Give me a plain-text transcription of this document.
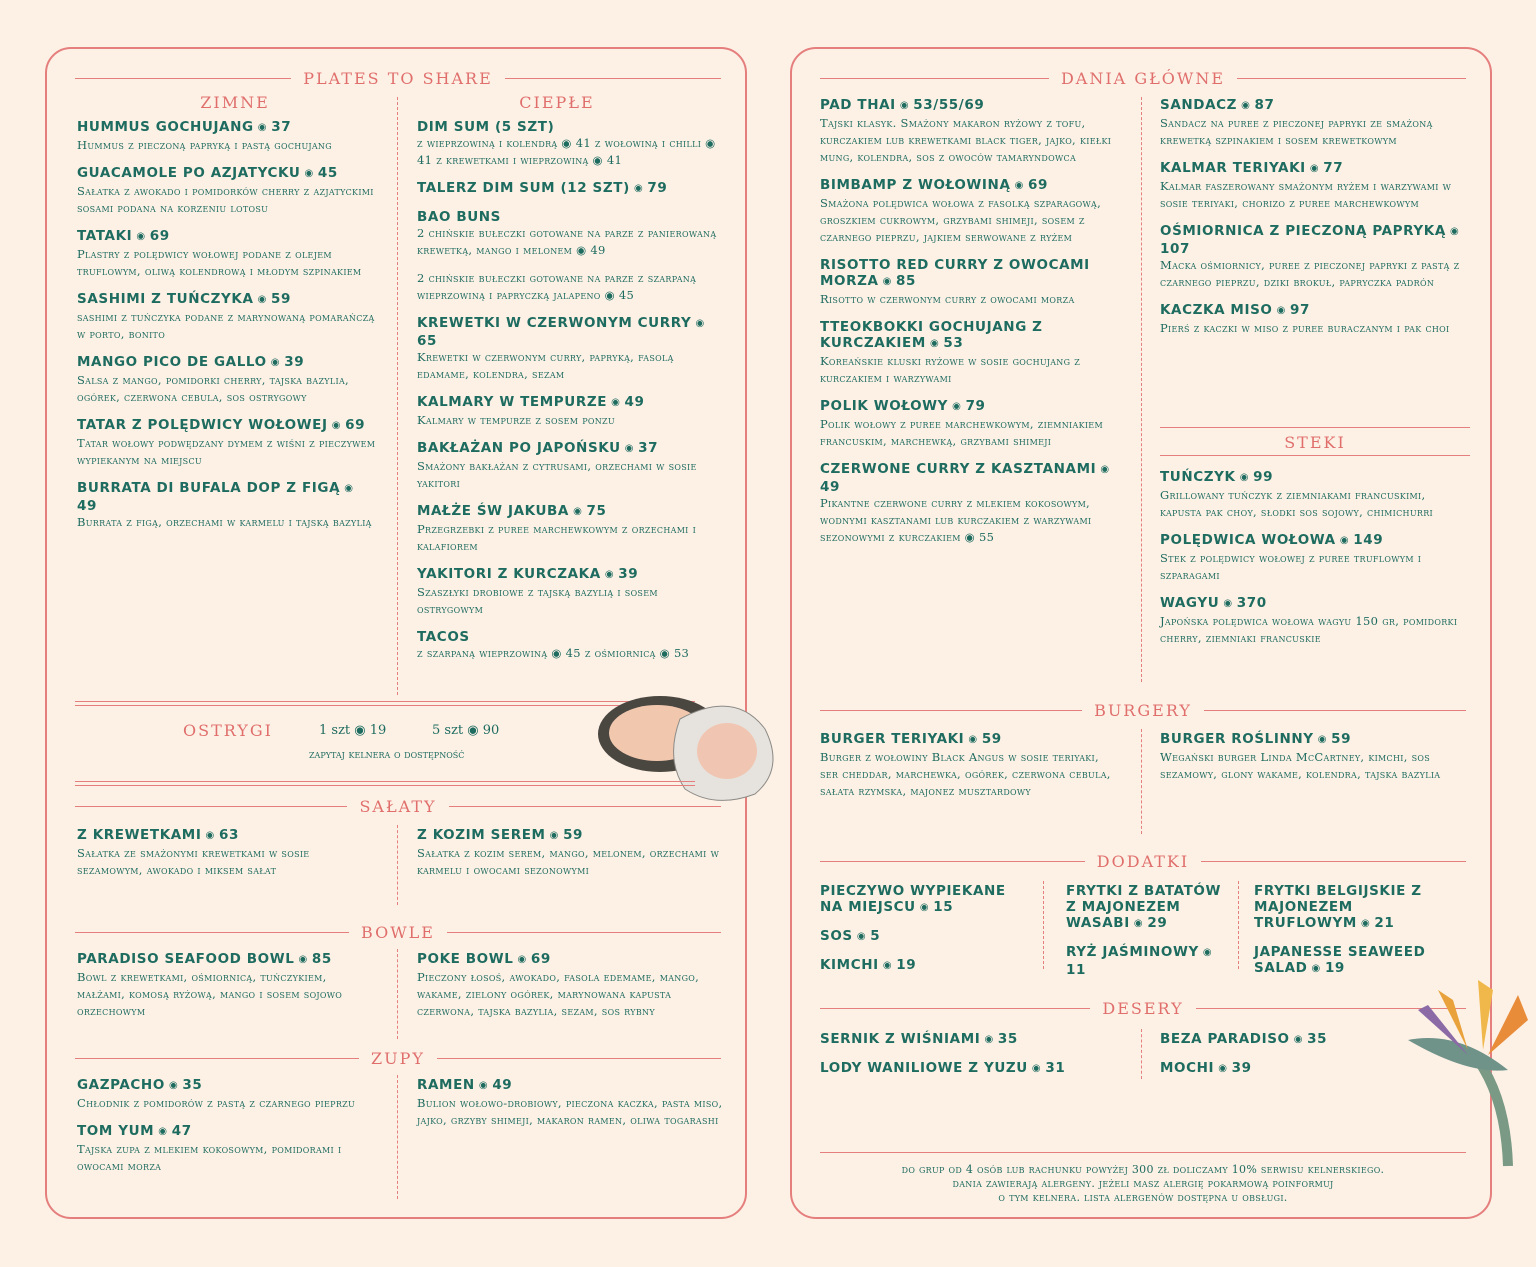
PLATES TO SHARE
ZIMNE	CIEPŁE
HUMMUS GOCHUJANG ◉ 37
Hummus z pieczoną papryką i pastą gochujang
GUACAMOLE PO AZJATYCKU ◉ 45
Sałatka z awokado i pomidorków cherry z azjatyckimi sosami podana na korzeniu lotosu
TATAKI ◉ 69
Plastry z polędwicy wołowej podane z olejem truflowym, oliwą kolendrową i młodym szpinakiem
SASHIMI Z TUŃCZYKA ◉ 59
sashimi z tuńczyka podane z marynowaną pomarańczą w porto, bonito
MANGO PICO DE GALLO ◉ 39
Salsa z mango, pomidorki cherry, tajska bazylia, ogórek, czerwona cebula, sos ostrygowy
TATAR Z POLĘDWICY WOŁOWEJ ◉ 69
Tatar wołowy podwędzany dymem z wiśni z pieczywem wypiekanym na miejscu
BURRATA DI BUFALA DOP Z FIGĄ ◉ 49
Burrata z figą, orzechami w karmelu i tajską bazylią
DIM SUM (5 SZT)
z wieprzowiną i kolendrą ◉ 41 z wołowiną i chilli ◉ 41 z krewetkami i wieprzowiną ◉ 41
TALERZ DIM SUM (12 SZT) ◉ 79
BAO BUNS
2 chińskie bułeczki gotowane na parze z panierowaną krewetką, mango i melonem ◉ 49
2 chińskie bułeczki gotowane na parze z szarpaną wieprzowiną i papryczką jalapeno ◉ 45
KREWETKI W CZERWONYM CURRY ◉ 65
Krewetki w czerwonym curry, papryką, fasolą edamame, kolendra, sezam
KALMARY W TEMPURZE ◉ 49
Kalmary w tempurze z sosem ponzu
BAKŁAŻAN PO JAPOŃSKU ◉ 37
Smażony bakłażan z cytrusami, orzechami w sosie yakitori
MAŁŻE ŚW JAKUBA ◉ 75
Przegrzebki z puree marchewkowym z orzechami i kalafiorem
YAKITORI Z KURCZAKA ◉ 39
Szaszłyki drobiowe z tajską bazylią i sosem ostrygowym
TACOS
z szarpaną wieprzowiną ◉ 45 z ośmiornicą ◉ 53
OSTRYGI	1 szt ◉ 19	5 szt ◉ 90
zapytaj kelnera o dostępność
SAŁATY
Z KREWETKAMI ◉ 63
Sałatka ze smażonymi krewetkami w sosie sezamowym, awokado i miksem sałat
Z KOZIM SEREM ◉ 59
Sałatka z kozim serem, mango, melonem, orzechami w karmelu i owocami sezonowymi
BOWLE
PARADISO SEAFOOD BOWL ◉ 85
Bowl z krewetkami, ośmiornicą, tuńczykiem, małżami, komosą ryżową, mango i sosem sojowo orzechowym
POKE BOWL ◉ 69
Pieczony łosoś, awokado, fasola edemame, mango, wakame, zielony ogórek, marynowana kapusta czerwona, tajska bazylia, sezam, sos rybny
ZUPY
GAZPACHO ◉ 35
Chłodnik z pomidorów z pastą z czarnego pieprzu
TOM YUM ◉ 47
Tajska zupa z mlekiem kokosowym, pomidorami i owocami morza
RAMEN ◉ 49
Bulion wołowo-drobiowy, pieczona kaczka, pasta miso, jajko, grzyby shimeji, makaron ramen, oliwa togarashi
DANIA GŁÓWNE
PAD THAI ◉ 53/55/69
Tajski klasyk. Smażony makaron ryżowy z tofu, kurczakiem lub krewetkami black tiger, jajko, kiełki mung, kolendra, sos z owoców tamaryndowca
BIMBAMP Z WOŁOWINĄ ◉ 69
Smażona polędwica wołowa z fasolką szparagową, groszkiem cukrowym, grzybami shimeji, sosem z czarnego pieprzu, jajkiem serwowane z ryżem
RISOTTO RED CURRY Z OWOCAMI MORZA ◉ 85
Risotto w czerwonym curry z owocami morza
TTEOKBOKKI GOCHUJANG Z KURCZAKIEM ◉ 53
Koreańskie kluski ryżowe w sosie gochujang z kurczakiem i warzywami
POLIK WOŁOWY ◉ 79
Polik wołowy z puree marchewkowym, ziemniakiem francuskim, marchewką, grzybami shimeji
CZERWONE CURRY Z KASZTANAMI ◉ 49
Pikantne czerwone curry z mlekiem kokosowym, wodnymi kasztanami lub kurczakiem z warzywami sezonowymi z kurczakiem ◉ 55
SANDACZ ◉ 87
Sandacz na puree z pieczonej papryki ze smażoną krewetką szpinakiem i sosem krewetkowym
KALMAR TERIYAKI ◉ 77
Kalmar faszerowany smażonym ryżem i warzywami w sosie teriyaki, chorizo z puree marchewkowym
OŚMIORNICA Z PIECZONĄ PAPRYKĄ ◉ 107
Macka ośmiornicy, puree z pieczonej papryki z pastą z czarnego pieprzu, dziki brokuł, papryczka padrón
KACZKA MISO ◉ 97
Pierś z kaczki w miso z puree buraczanym i pak choi
STEKI
TUŃCZYK ◉ 99
Grillowany tuńczyk z ziemniakami francuskimi, kapusta pak choy, słodki sos sojowy, chimichurri
POLĘDWICA WOŁOWA ◉ 149
Stek z polędwicy wołowej z puree truflowym i szparagami
WAGYU ◉ 370
Japońska polędwica wołowa wagyu 150 gr, pomidorki cherry, ziemniaki francuskie
BURGERY
BURGER TERIYAKI ◉ 59
Burger z wołowiny Black Angus w sosie teriyaki, ser cheddar, marchewka, ogórek, czerwona cebula, sałata rzymska, majonez musztardowy
BURGER ROŚLINNY ◉ 59
Wegański burger Linda McCartney, kimchi, sos sezamowy, glony wakame, kolendra, tajska bazylia
DODATKI
PIECZYWO WYPIEKANE NA MIEJSCU ◉ 15
SOS ◉ 5
KIMCHI ◉ 19
FRYTKI Z BATATÓW Z MAJONEZEM WASABI ◉ 29
RYŻ JAŚMINOWY ◉ 11
FRYTKI BELGIJSKIE Z MAJONEZEM TRUFLOWYM ◉ 21
JAPANESSE SEAWEED SALAD ◉ 19
DESERY
SERNIK Z WIŚNIAMI ◉ 35
LODY WANILIOWE Z YUZU ◉ 31
BEZA PARADISO ◉ 35
MOCHI ◉ 39
do grup od 4 osób lub rachunku powyżej 300 zł doliczamy 10% serwisu kelnerskiego.
dania zawierają alergeny. jeżeli masz alergię pokarmową poinformuj
o tym kelnera. lista alergenów dostępna u obsługi.
